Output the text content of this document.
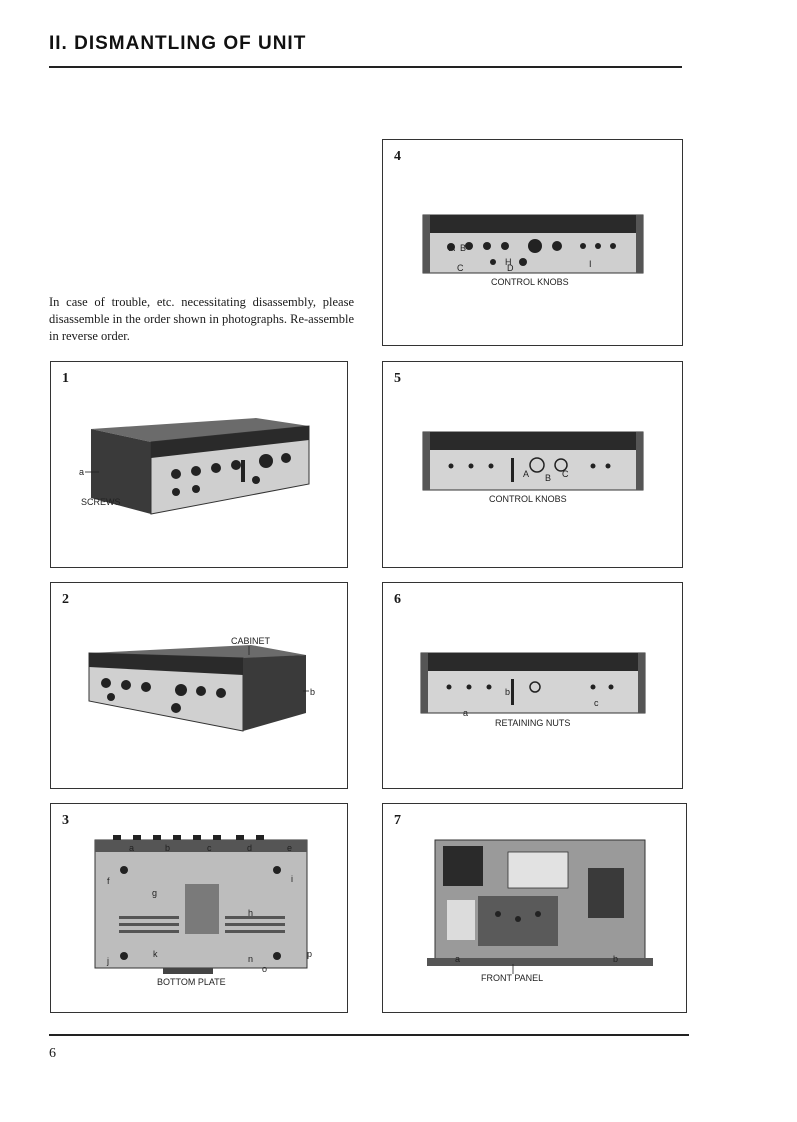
II. DISMANTLING OF UNIT
In case of trouble, etc. necessitating disassembly, please disassemble in the order shown in photographs. Re-assemble in reverse order.
1
a
SCREWS
2
CABINET
b
3
a	b	c	d	e
f
g
h
i
j
k	n
o
p
BOTTOM PLATE
4
A B
C	D
H	I
CONTROL KNOBS
5
A B C
CONTROL KNOBS
6
b
a
c
RETAINING NUTS
7
a	b
FRONT PANEL
6
